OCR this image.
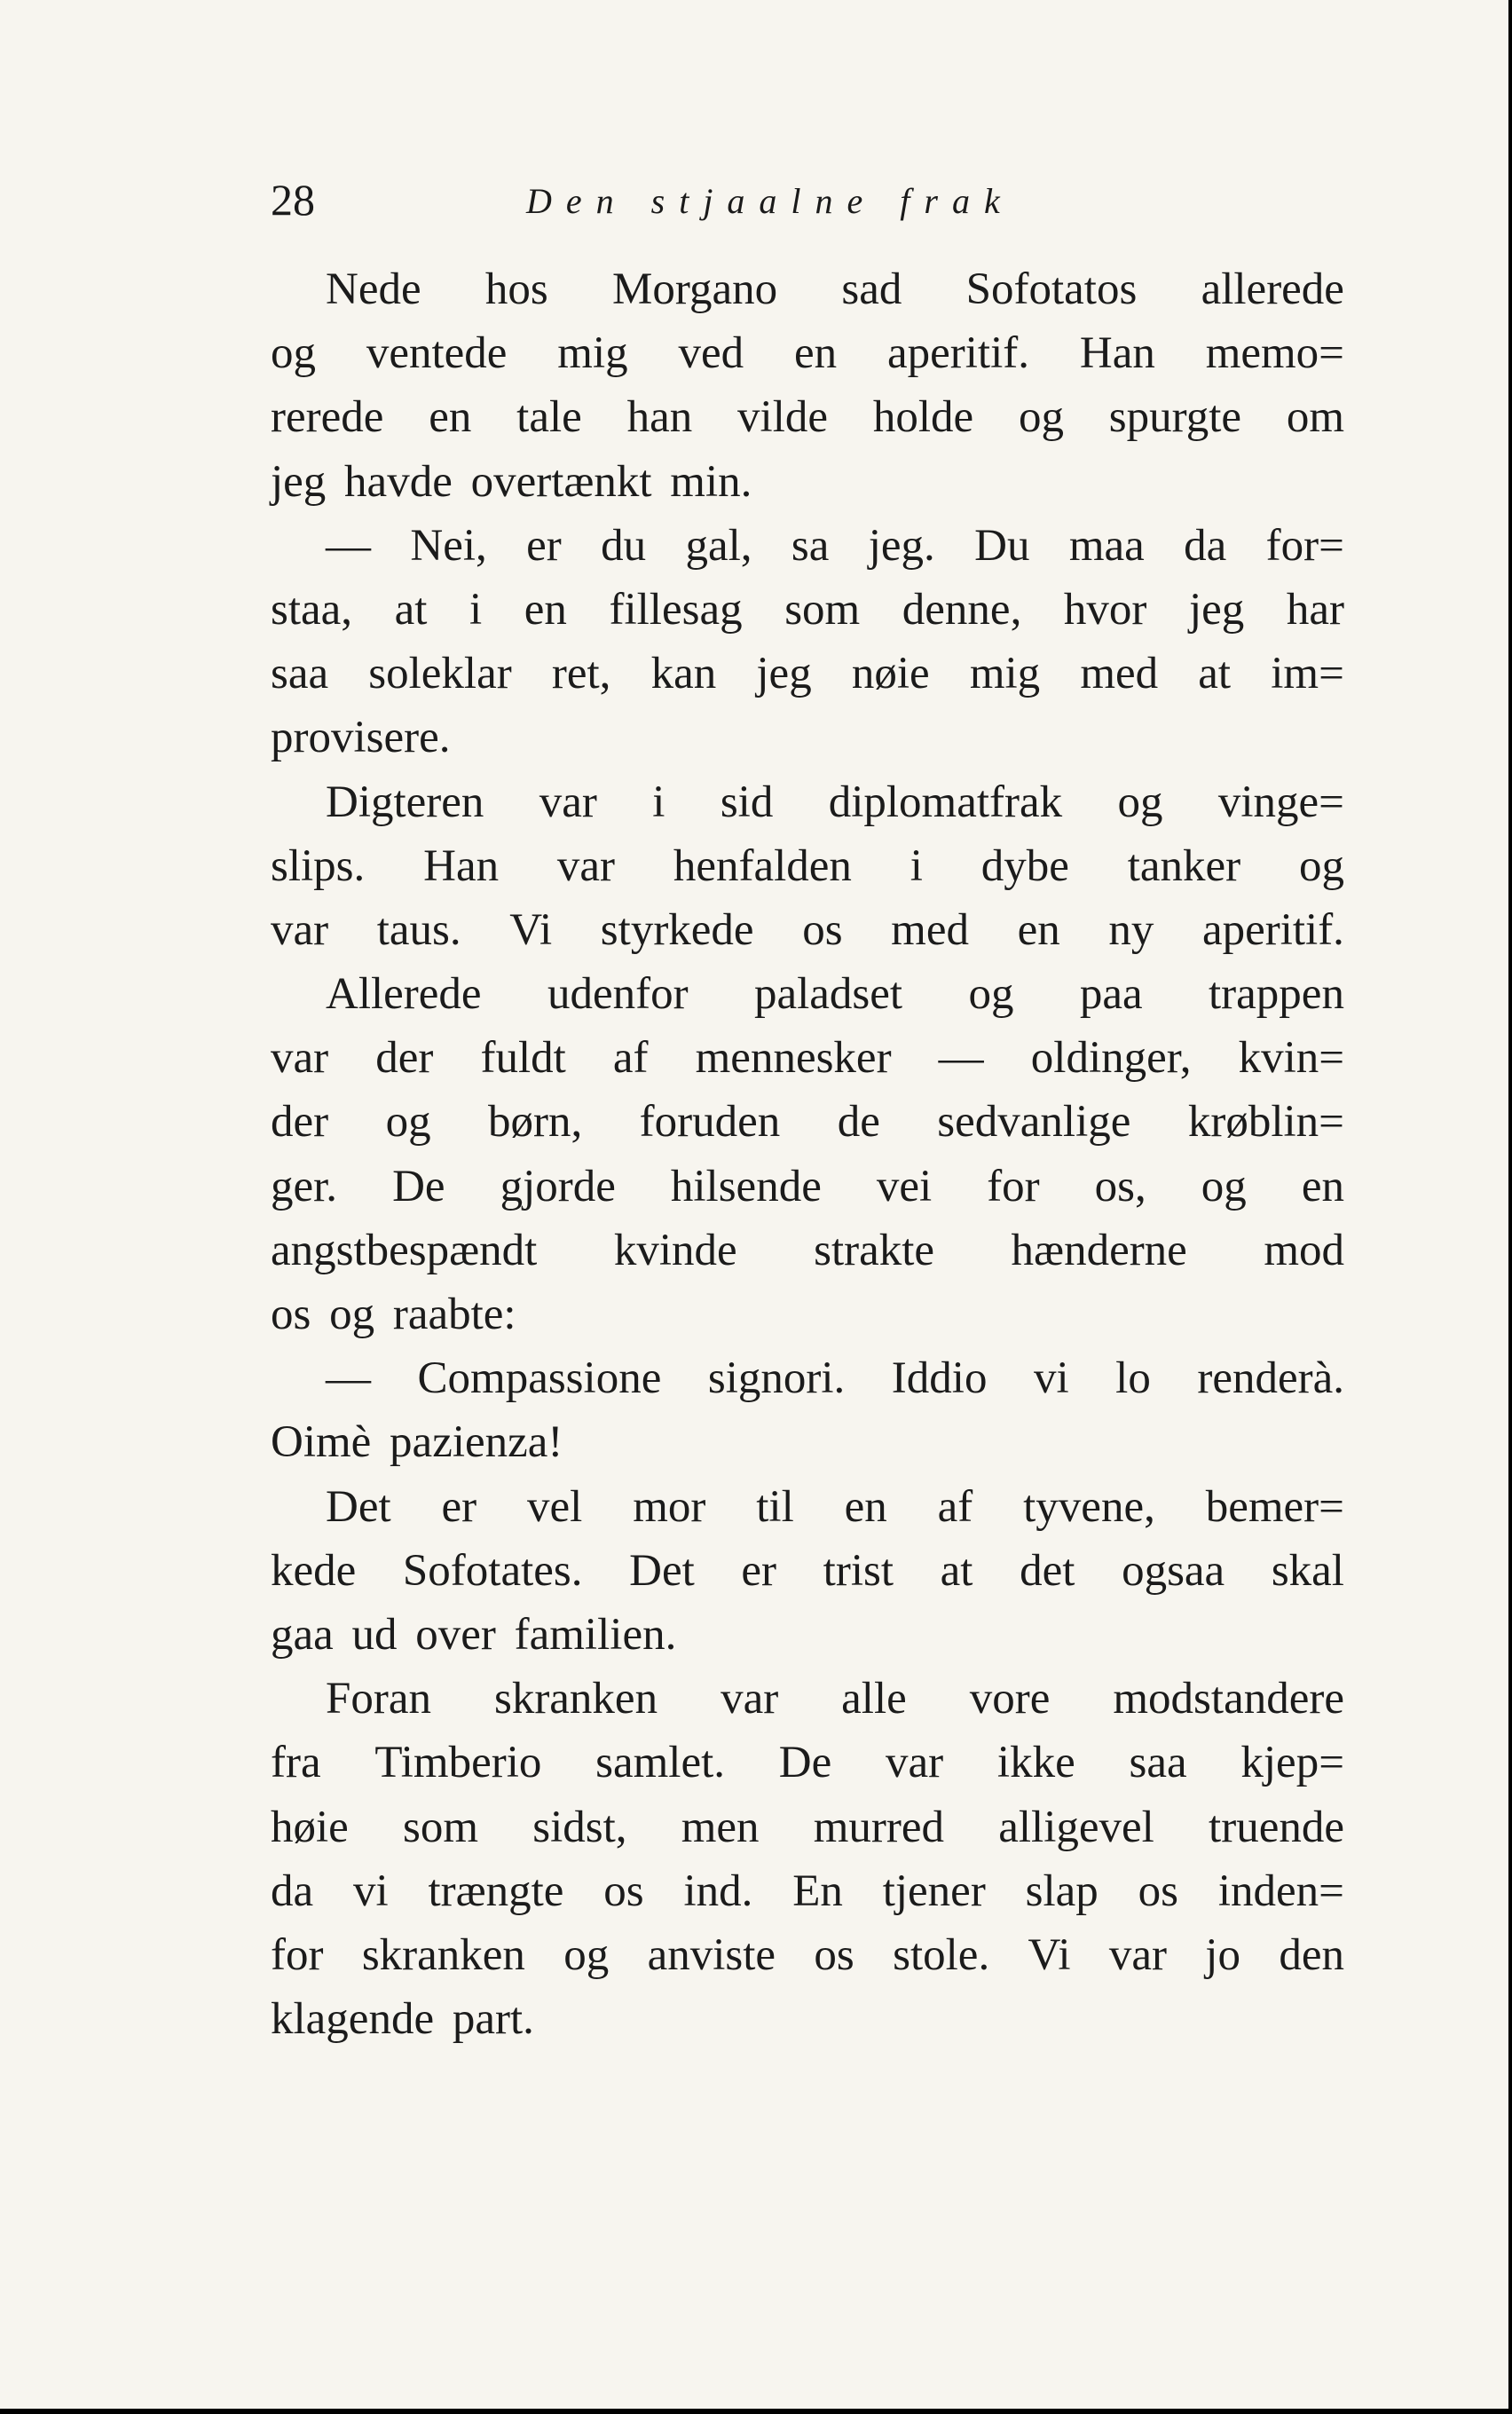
28	Den stjaalne frak
Nede hos Morgano sad Sofotatos allerede
og ventede mig ved en aperitif. Han memo=
rerede en tale han vilde holde og spurgte om
jeg havde overtænkt min.
— Nei, er du gal, sa jeg. Du maa da for=
staa, at i en fillesag som denne, hvor jeg har
saa soleklar ret, kan jeg nøie mig med at im=
provisere.
Digteren var i sid diplomatfrak og vinge=
slips. Han var henfalden i dybe tanker og
var taus. Vi styrkede os med en ny aperitif.
Allerede udenfor paladset og paa trappen
var der fuldt af mennesker — oldinger, kvin=
der og børn, foruden de sedvanlige krøblin=
ger. De gjorde hilsende vei for os, og en
angstbespændt kvinde strakte hænderne mod
os og raabte:
— Compassione signori. Iddio vi lo renderà.
Oimè pazienza!
Det er vel mor til en af tyvene, bemer=
kede Sofotates. Det er trist at det ogsaa skal
gaa ud over familien.
Foran skranken var alle vore modstandere
fra Timberio samlet. De var ikke saa kjep=
høie som sidst, men murred alligevel truende
da vi trængte os ind. En tjener slap os inden=
for skranken og anviste os stole. Vi var jo den
klagende part.
